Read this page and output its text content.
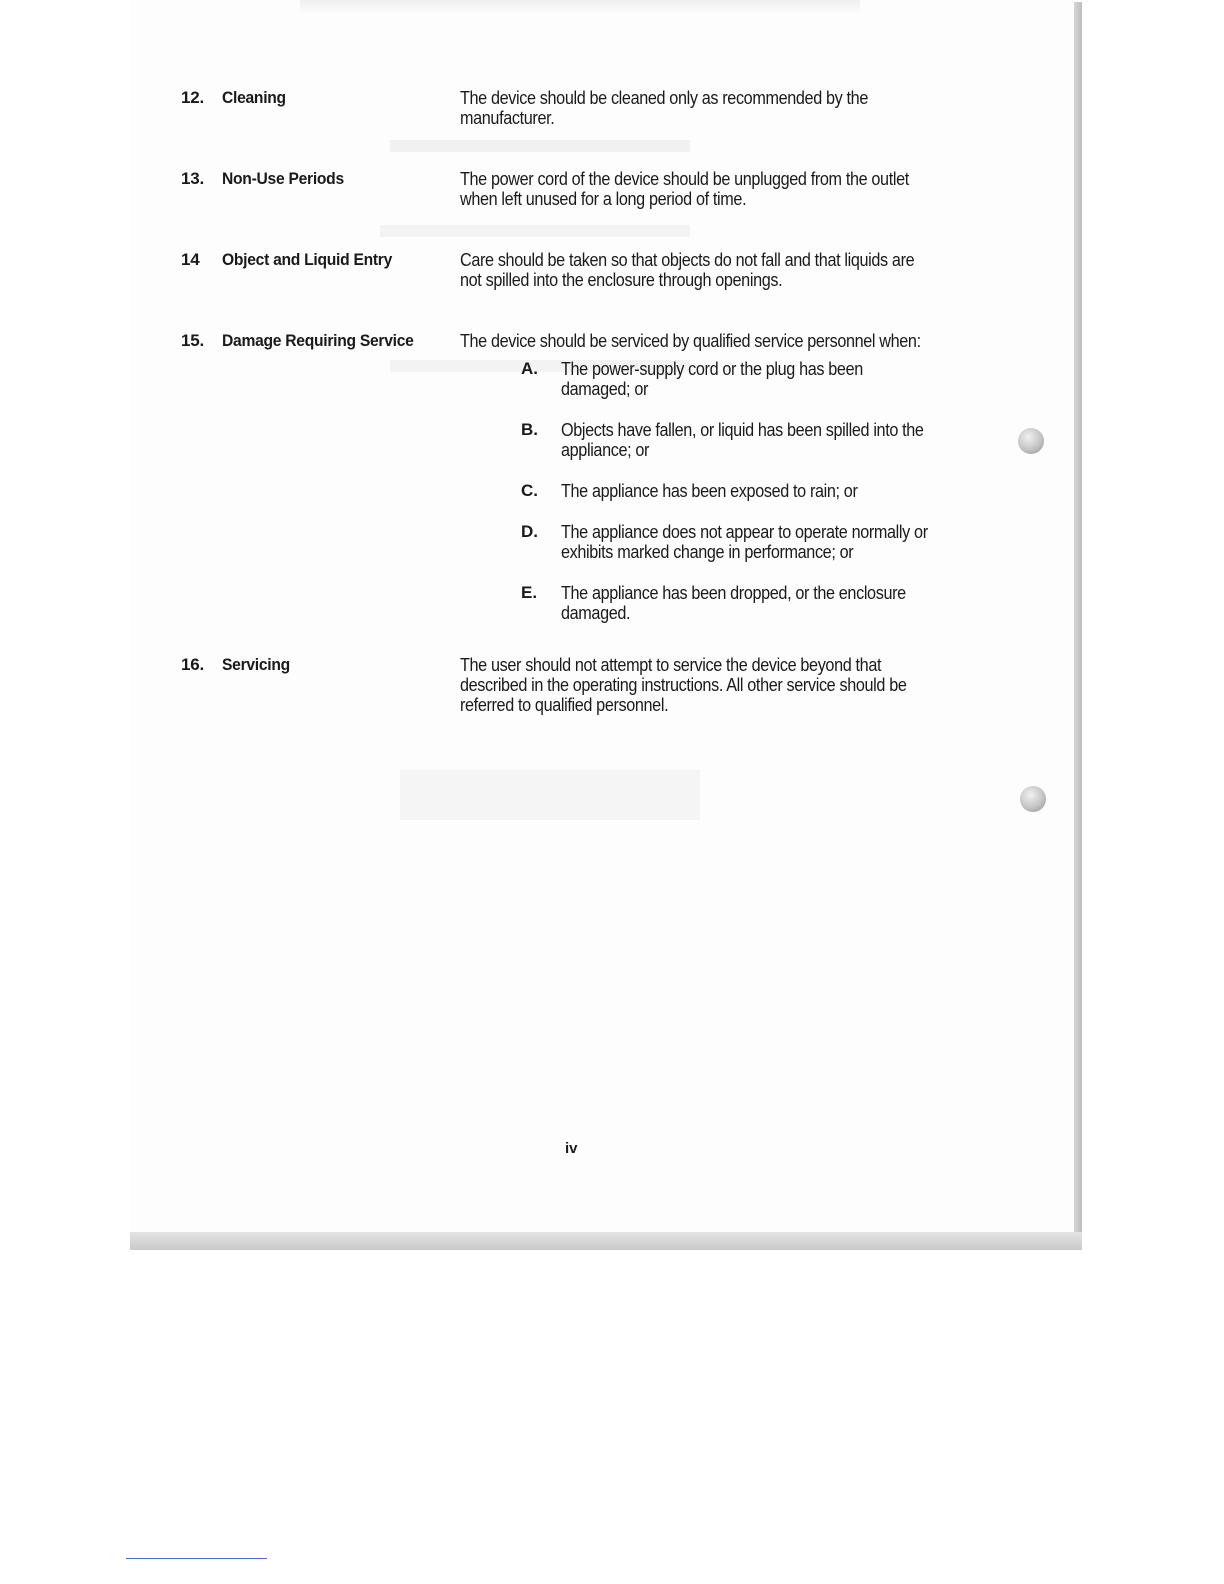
12. Cleaning	The device should be cleaned only as recommended by the
manufacturer.
13. Non-Use Periods	The power cord of the device should be unplugged from the outlet
when left unused for a long period of time.
14 Object and Liquid Entry	Care should be taken so that objects do not fall and that liquids are
not spilled into the enclosure through openings.
15. Damage Requiring Service	The device should be serviced by qualified service personnel when:
A. The power-supply cord or the plug has been
damaged; or
B. Objects have fallen, or liquid has been spilled into the
appliance; or
C. The appliance has been exposed to rain; or
D. The appliance does not appear to operate normally or
exhibits marked change in performance; or
E. The appliance has been dropped, or the enclosure
damaged.
16. Servicing	The user should not attempt to service the device beyond that
described in the operating instructions. All other service should be
referred to qualified personnel.
iv
